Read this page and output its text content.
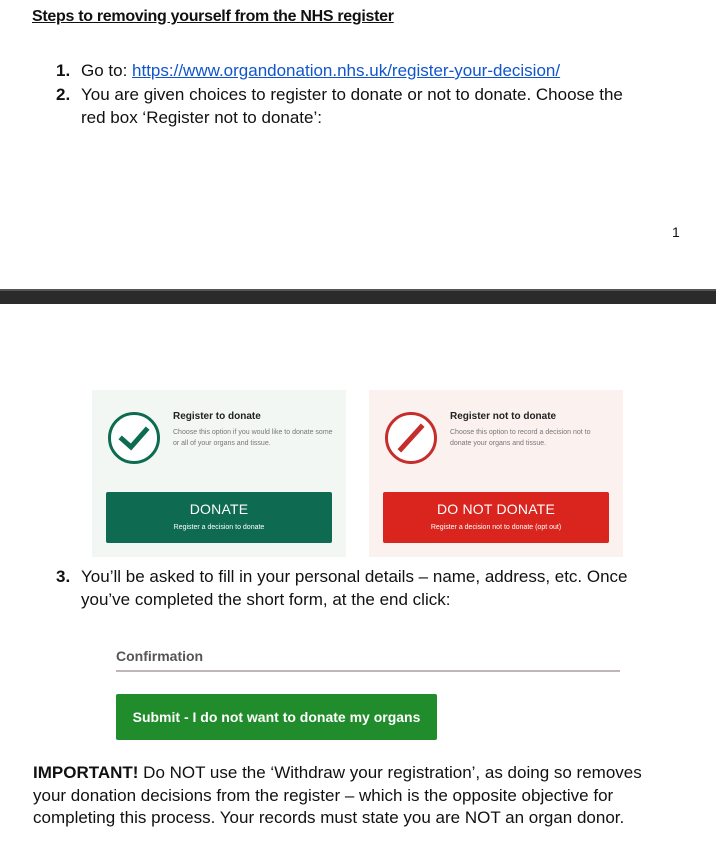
Steps to removing yourself from the NHS register
1. Go to: https://www.organdonation.nhs.uk/register-your-decision/
2. You are given choices to register to donate or not to donate. Choose the
red box ‘Register not to donate’:
1
Register to donate
Choose this option if you would like to donate some or all of your organs and tissue.
DONATE
Register a decision to donate
Register not to donate
Choose this option to record a decision not to donate your organs and tissue.
DO NOT DONATE
Register a decision not to donate (opt out)
3. You’ll be asked to fill in your personal details – name, address, etc. Once
you’ve completed the short form, at the end click:
Confirmation
Submit - I do not want to donate my organs
IMPORTANT! Do NOT use the ‘Withdraw your registration’, as doing so removes your donation decisions from the register – which is the opposite objective for completing this process. Your records must state you are NOT an organ donor.
